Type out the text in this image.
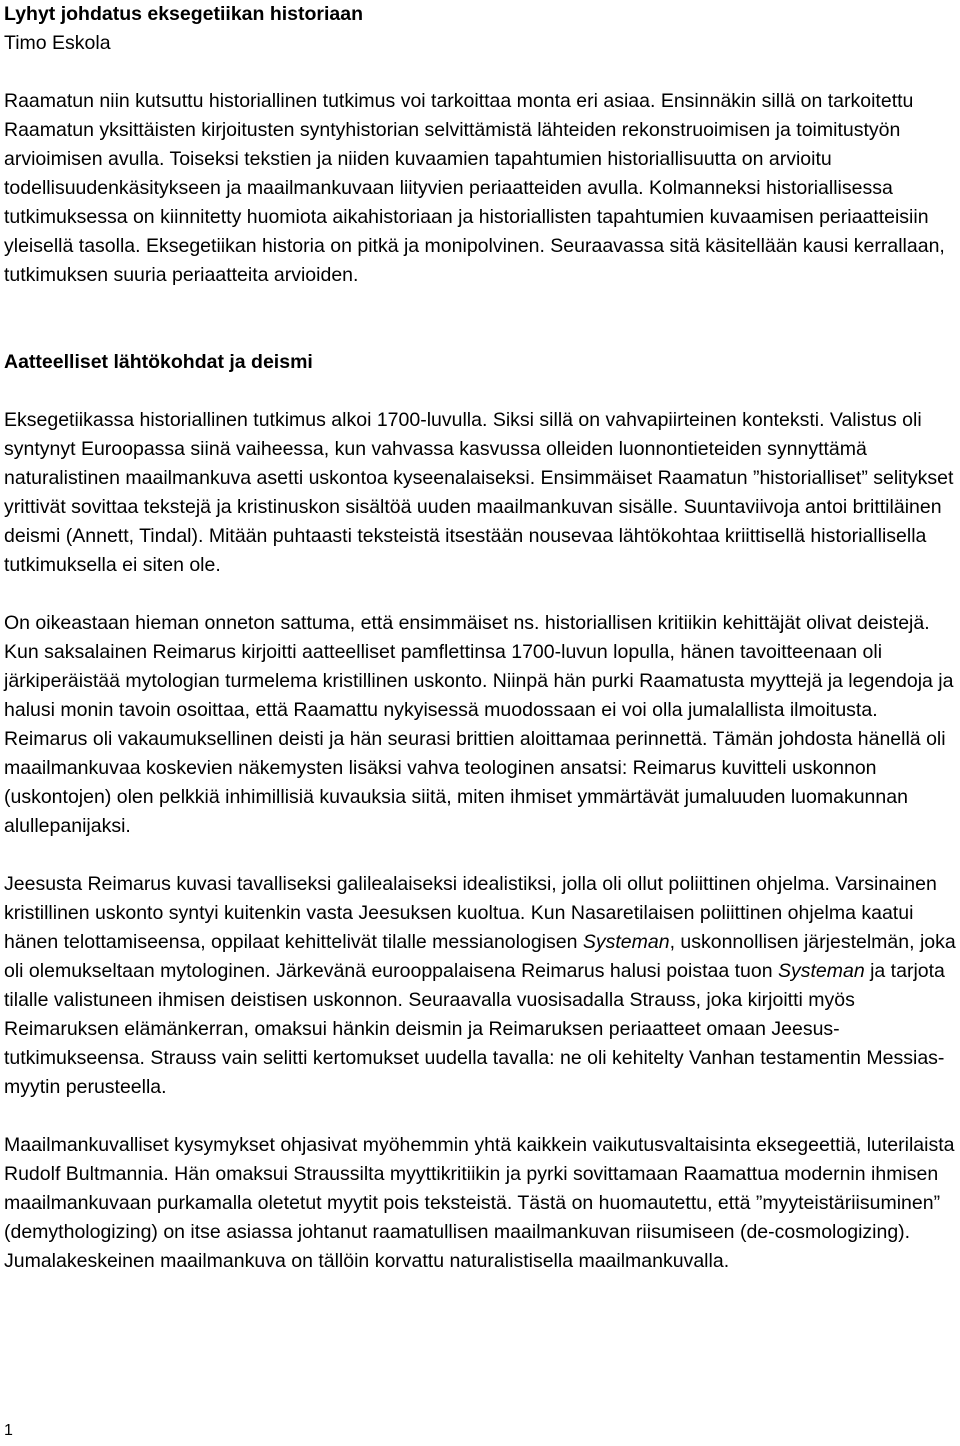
Lyhyt johdatus eksegetiikan historiaan

Timo Eskola

Raamatun niin kutsuttu historiallinen tutkimus voi tarkoittaa monta eri asiaa. Ensinnäkin sillä on tarkoitettu Raamatun yksittäisten kirjoitusten syntyhistorian selvittämistä lähteiden rekonstruoimisen ja toimitustyön arvioimisen avulla. Toiseksi tekstien ja niiden kuvaamien tapahtumien historiallisuutta on arvioitu todellisuudenkäsitykseen ja maailmankuvaan liityvien periaatteiden avulla. Kolmanneksi historiallisessa tutkimuksessa on kiinnitetty huomiota aikahistoriaan ja historiallisten tapahtumien kuvaamisen periaatteisiin yleisellä tasolla. Eksegetiikan historia on pitkä ja monipolvinen. Seuraavassa sitä käsitellään kausi kerrallaan, tutkimuksen suuria periaatteita arvioiden.

Aatteelliset lähtökohdat ja deismi

Eksegetiikassa historiallinen tutkimus alkoi 1700-luvulla. Siksi sillä on vahvapiirteinen konteksti. Valistus oli syntynyt Euroopassa siinä vaiheessa, kun vahvassa kasvussa olleiden luonnontieteiden synnyttämä naturalistinen maailmankuva asetti uskontoa kyseenalaiseksi. Ensimmäiset Raamatun ”historialliset” selitykset yrittivät sovittaa tekstejä ja kristinuskon sisältöä uuden maailmankuvan sisälle. Suuntaviivoja antoi brittiläinen deismi (Annett, Tindal). Mitään puhtaasti teksteistä itsestään nousevaa lähtökohtaa kriittisellä historiallisella tutkimuksella ei siten ole.

On oikeastaan hieman onneton sattuma, että ensimmäiset ns. historiallisen kritiikin kehittäjät olivat deistejä. Kun saksalainen Reimarus kirjoitti aatteelliset pamflettinsa 1700-luvun lopulla, hänen tavoitteenaan oli järkiperäistää mytologian turmelema kristillinen uskonto. Niinpä hän purki Raamatusta myyttejä ja legendoja ja halusi monin tavoin osoittaa, että Raamattu nykyisessä muodossaan ei voi olla jumalallista ilmoitusta. Reimarus oli vakaumuksellinen deisti ja hän seurasi brittien aloittamaa perinnettä. Tämän johdosta hänellä oli maailmankuvaa koskevien näkemysten lisäksi vahva teologinen ansatsi: Reimarus kuvitteli uskonnon (uskontojen) olen pelkkiä inhimillisiä kuvauksia siitä, miten ihmiset ymmärtävät jumaluuden luomakunnan alullepanijaksi.

Jeesusta Reimarus kuvasi tavalliseksi galilealaiseksi idealistiksi, jolla oli ollut poliittinen ohjelma. Varsinainen kristillinen uskonto syntyi kuitenkin vasta Jeesuksen kuoltua. Kun Nasaretilaisen poliittinen ohjelma kaatui hänen telottamiseensa, oppilaat kehittelivät tilalle messianologisen Systeman, uskonnollisen järjestelmän, joka oli olemukseltaan mytologinen. Järkevänä eurooppalaisena Reimarus halusi poistaa tuon Systeman ja tarjota tilalle valistuneen ihmisen deistisen uskonnon. Seuraavalla vuosisadalla Strauss, joka kirjoitti myös Reimaruksen elämänkerran, omaksui hänkin deismin ja Reimaruksen periaatteet omaan Jeesus-tutkimukseensa. Strauss vain selitti kertomukset uudella tavalla: ne oli kehitelty Vanhan testamentin Messias-myytin perusteella.

Maailmankuvalliset kysymykset ohjasivat myöhemmin yhtä kaikkein vaikutusvaltaisinta eksegeettiä, luterilaista Rudolf Bultmannia. Hän omaksui Straussilta myyttikritiikin ja pyrki sovittamaan Raamattua modernin ihmisen maailmankuvaan purkamalla oletetut myytit pois teksteistä. Tästä on huomautettu, että ”myyteistäriisuminen” (demythologizing) on itse asiassa johtanut raamatullisen maailmankuvan riisumiseen (de-cosmologizing). Jumalakeskeinen maailmankuva on tällöin korvattu naturalistisella maailmankuvalla.

1
